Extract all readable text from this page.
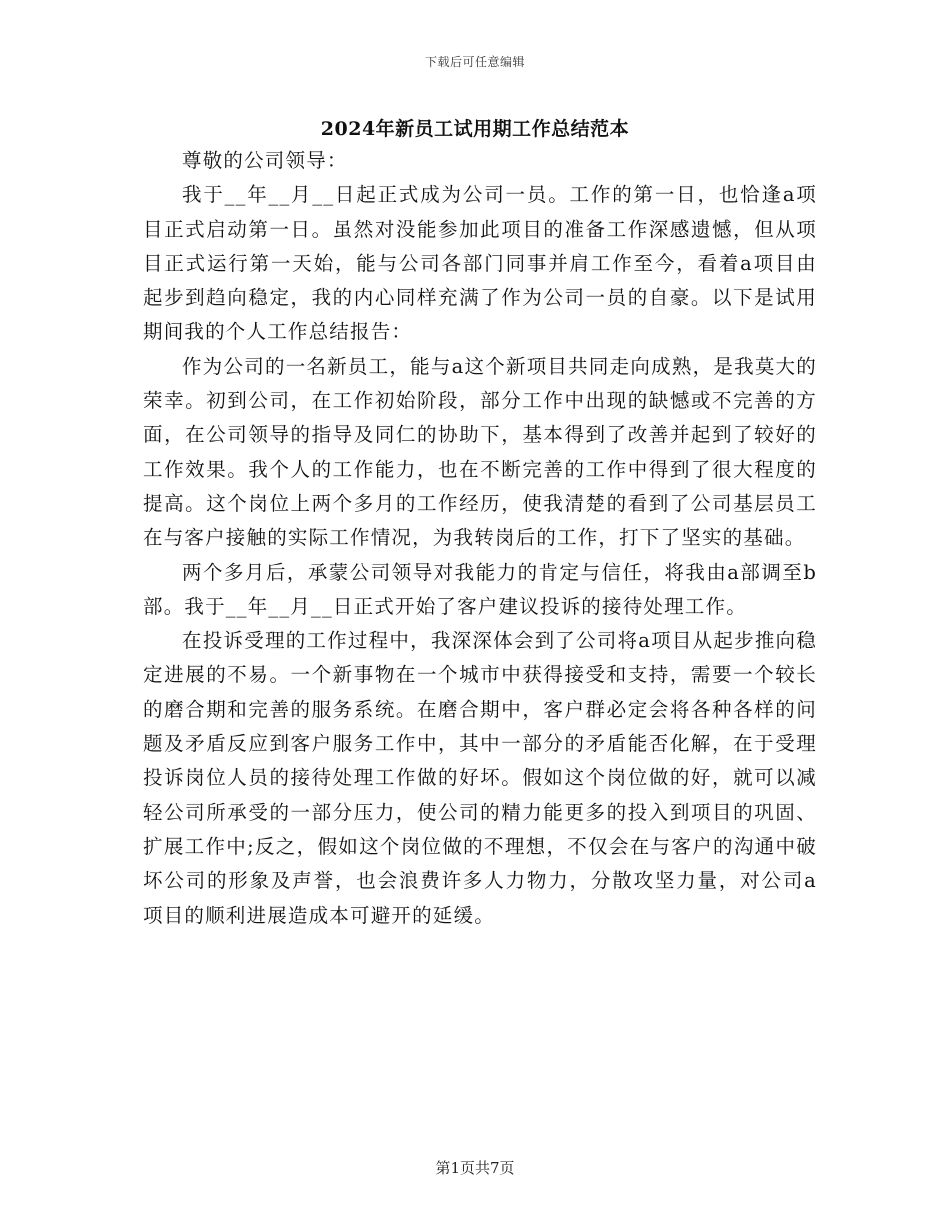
下载后可任意编辑
2024年新员工试用期工作总结范本

尊敬的公司领导：

我于__年__月__日起正式成为公司一员。工作的第一日，也恰逢a项目正式启动第一日。虽然对没能参加此项目的准备工作深感遗憾，但从项目正式运行第一天始，能与公司各部门同事并肩工作至今，看着a项目由起步到趋向稳定，我的内心同样充满了作为公司一员的自豪。以下是试用期间我的个人工作总结报告：

作为公司的一名新员工，能与a这个新项目共同走向成熟，是我莫大的荣幸。初到公司，在工作初始阶段，部分工作中出现的缺憾或不完善的方面，在公司领导的指导及同仁的协助下，基本得到了改善并起到了较好的工作效果。我个人的工作能力，也在不断完善的工作中得到了很大程度的提高。这个岗位上两个多月的工作经历，使我清楚的看到了公司基层员工在与客户接触的实际工作情况，为我转岗后的工作，打下了坚实的基础。

两个多月后，承蒙公司领导对我能力的肯定与信任，将我由a部调至b部。我于__年__月__日正式开始了客户建议投诉的接待处理工作。

在投诉受理的工作过程中，我深深体会到了公司将a项目从起步推向稳定进展的不易。一个新事物在一个城市中获得接受和支持，需要一个较长的磨合期和完善的服务系统。在磨合期中，客户群必定会将各种各样的问题及矛盾反应到客户服务工作中，其中一部分的矛盾能否化解，在于受理投诉岗位人员的接待处理工作做的好坏。假如这个岗位做的好，就可以减轻公司所承受的一部分压力，使公司的精力能更多的投入到项目的巩固、扩展工作中;反之，假如这个岗位做的不理想，不仅会在与客户的沟通中破坏公司的形象及声誉，也会浪费许多人力物力，分散攻坚力量，对公司a项目的顺利进展造成本可避开的延缓。

第1页共7页
